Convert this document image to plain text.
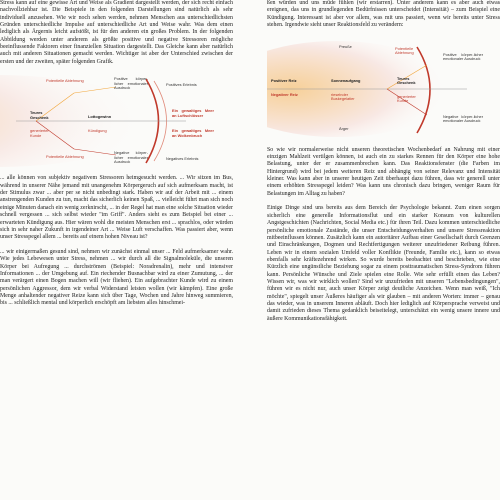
Stress kann auf eine gewisse Art und Weise als Gradient dargestellt werden, der sich recht einfach nachvollziehbar ist. Die Beispiele in den folgenden Darstellungen sind natürlich als sehr individuell anzusehen. Wie wir noch sehen werden, nehmen Menschen aus unterschiedlichsten Gründen unterschiedliche Impulse auf unterschiedliche Art und Weise wahr. Was dem einen lediglich als Ärgernis leicht aufstößt, ist für den anderen ein großes Problem. In der folgenden Abbildung werden unter anderem als größte positive und negative Stressoren mögliche beeinflussende Faktoren einer finanziellen Situation dargestellt. Das Gleiche kann aber natürlich auch mit anderen Situationen gemacht werden. Wichtiger ist aber der Unterschied zwischen der ersten und der zweiten, später folgenden Grafik.

Potentielle Ablehnung	Positive körper-licher emotionaler Ausdruck
Positives Erlebnis
Teures Geschenk	Lottogewinn
Ein gewaltiges Meer an Luftschlösser
generierter Kunde
Kündigung	Ein gewaltiges Meer an Wolkenbruch
Potentielle Ablehnung
Negative körper-licher emotionaler Ausdruck
Negatives Erlebnis

... alle können von subjektiv negativem Stressoren heimgesucht werden. ... Wir sitzen im Bus, während in unserer Nähe jemand mit unangenehm Körpergeruch auf sich aufmerksam macht, ist der Stimulus zwar ... aber per se nicht unbedingt stark. Haben wir auf der Arbeit mit ... einem anstrengenden Kunden zu tun, macht das sicherlich keinen Spaß, ... vielleicht führt man sich noch einige Minuten danach ein wenig zerknirscht, ... in der Regel hat man eine solche Situation wieder schnell vergessen ... sich selbst wieder "im Griff". Anders sieht es zum Beispiel bei einer ... erwarteten Kündigung aus. Hier wären wohl die meisten Menschen erst ... sprachlos, oder würden sich in sehr naher Zukunft in irgendeiner Art ... Weise Luft verschaffen. Was passiert aber, wenn unser Stresspegel allem ... bereits auf einem hohen Niveau ist?

... wir einigermaßen gesund sind, nehmen wir zunächst einmal unser ... Feld aufmerksamer wahr. Wie jedes Lebewesen unter Stress, nehmen ... wir durch all die Signalmoleküle, die unseren Körper bei Aufregung ... durchströmen (Beispiel: Noradrenalin), mehr und intensiver Informationen ... der Umgebung auf. Ein riechender Busnachbar wird zu einer Zumutung, ... der man verärgert einen Bogen machen will (wir fliehen). Ein aufgebrachter Kunde wird zu einem persönlichen Aggressor, dem wir verbal Widerstand leisten wollen (wir kämpfen). Eine große Menge anhaltender negativer Reize kann sich über Tage, Wochen und Jahre hinweg summieren, bis ... schließlich mental und körperlich erschöpft am liebsten alles hinschmei-

ßen würden und uns müde fühlen (wir erstarren). Unter anderem kann es aber auch etwas ereignen, das uns in grundlegenden Bedürfnissen unterscheidet (Intensität) – zum Beispiel eine Kündigung. Interessant ist aber vor allem, was mit uns passiert, wenn wir bereits unter Stress stehen. Irgendwie sieht unser Reaktionsfeld zu verändern:

Preuße	Potentielle Ablehnung	Positive körper-licher emotionaler Ausdruck
Positiver Reiz	Sonnenaufgang	Teures Geschenk
Negativer Reiz	rieselnder Buskegelatier	generierter Kunde
Ärger
Negative körper-licher emotionaler Ausdruck

So wie wir normalerweise nicht unseren theoretischen Wochenbedarf an Nahrung mit einer einzigen Mahlzeit vertilgen können, ist auch ein zu starkes Rennen für den Körper eine hohe Belastung, unter der er zusammenbrechen kann. Das Reaktionsfenster (die Farben im Hintergrund) wird bei jedem weiteren Reiz und abhängig von seiner Relevanz und Intensität kleiner. Was kann aber in unserer heutigen Zeit überhaupt dazu führen, dass wir generell unter einem erhöhten Stresspegel leiden? Was kann uns chronisch dazu bringen, weniger Raum für Belastungen im Alltag zu haben?

Einige Dinge sind uns bereits aus dem Bereich der Psychologie bekannt. Zum einen sorgen sicherlich eine generelle Informationsflut und ein starker Konsum von kulturellen Angstgeschichten (Nachrichten, Social Media etc.) für ihren Teil. Dazu kommen unterschiedliche persönliche emotionale Zustände, die unser Entscheidungsverhalten und unsere Stressreaktion mitbeeinflussen können. Zusätzlich kann ein autoritärer Aufbau einer Gesellschaft durch Grenzen und Einschränkungen, Dogmen und Rechtfertigungen weiterer unzufriedener Reibung führen. Leben wir in einem sozialen Umfeld voller Konflikte (Freunde, Familie etc.), kann so etwas ebenfalls sehr kräftezehrend wirken. So wurde bereits beobachtet und beschrieben, wie eine Kürzlich eine ungünstliche Beziehung sogar zu einem posttraumatischen Stress-Syndrom führen kann. Persönliche Wünsche und Ziele spielen eine Rolle. Wie sehr erfüllt einen das Leben? Wissen wir, was wir wirklich wollen? Sind wir unzufrieden mit unseren "Lebensbedingungen", führen wir es nicht nur, auch unser Körper zeigt deutliche Anzeichen. Wenn man weiß, "Ich möchte", spiegelt unser Äußeres häufiger als wir glauben – mit anderen Worten: immer – genau das wieder, was in unserem Inneren abläuft. Doch hier lediglich auf Körpersprache verweist und damit zufrieden dieses Thema gedanklich beiseitelegt, unterschätzt ein wenig unsere innere und äußere Kommunikationsfähigkeit.
